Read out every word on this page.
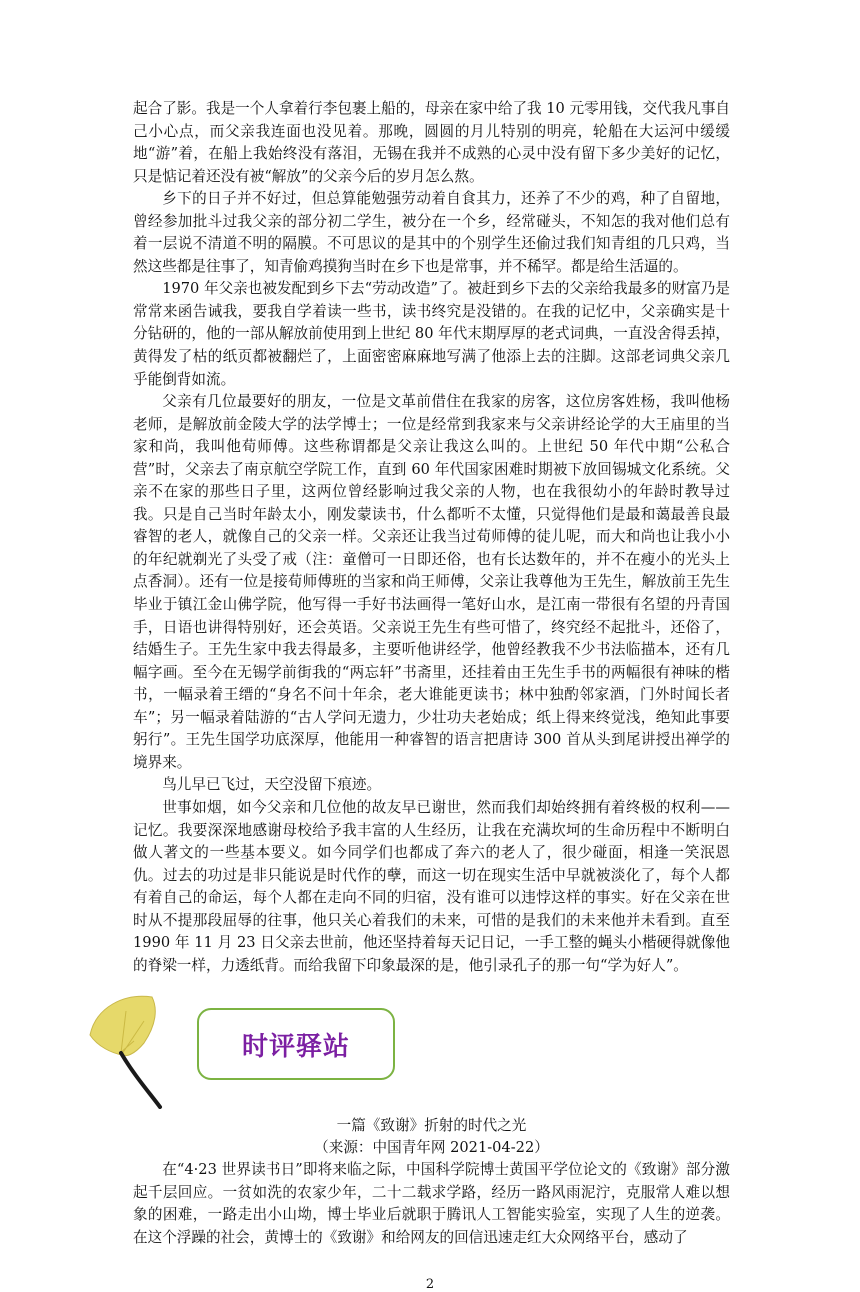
起合了影。我是一个人拿着行李包裹上船的，母亲在家中给了我 10 元零用钱，交代我凡事自己小心点，而父亲我连面也没见着。那晚，圆圆的月儿特别的明亮，轮船在大运河中缓缓地“游”着，在船上我始终没有落泪，无锡在我并不成熟的心灵中没有留下多少美好的记忆，只是惦记着还没有被“解放”的父亲今后的岁月怎么熬。

乡下的日子并不好过，但总算能勉强劳动着自食其力，还养了不少的鸡，种了自留地，曾经参加批斗过我父亲的部分初二学生，被分在一个乡，经常碰头，不知怎的我对他们总有着一层说不清道不明的隔膜。不可思议的是其中的个别学生还偷过我们知青组的几只鸡，当然这些都是往事了，知青偷鸡摸狗当时在乡下也是常事，并不稀罕。都是给生活逼的。

1970 年父亲也被发配到乡下去“劳动改造”了。被赶到乡下去的父亲给我最多的财富乃是常常来函告诫我，要我自学着读一些书，读书终究是没错的。在我的记忆中，父亲确实是十分钻研的，他的一部从解放前使用到上世纪 80 年代末期厚厚的老式词典，一直没舍得丢掉，黄得发了枯的纸页都被翻烂了，上面密密麻麻地写满了他添上去的注脚。这部老词典父亲几乎能倒背如流。

父亲有几位最要好的朋友，一位是文革前借住在我家的房客，这位房客姓杨，我叫他杨老师，是解放前金陵大学的法学博士；一位是经常到我家来与父亲讲经论学的大王庙里的当家和尚，我叫他荀师傅。这些称谓都是父亲让我这么叫的。上世纪 50 年代中期“公私合营”时，父亲去了南京航空学院工作，直到 60 年代国家困难时期被下放回锡城文化系统。父亲不在家的那些日子里，这两位曾经影响过我父亲的人物，也在我很幼小的年龄时教导过我。只是自己当时年龄太小，刚发蒙读书，什么都听不太懂，只觉得他们是最和蔼最善良最睿智的老人，就像自己的父亲一样。父亲还让我当过荀师傅的徒儿呢，而大和尚也让我小小的年纪就剃光了头受了戒（注：童僧可一日即还俗，也有长达数年的，并不在瘦小的光头上点香洞）。还有一位是接荀师傅班的当家和尚王师傅，父亲让我尊他为王先生，解放前王先生毕业于镇江金山佛学院，他写得一手好书法画得一笔好山水，是江南一带很有名望的丹青国手，日语也讲得特别好，还会英语。父亲说王先生有些可惜了，终究经不起批斗，还俗了，结婚生子。王先生家中我去得最多，主要听他讲经学，他曾经教我不少书法临描本，还有几幅字画。至今在无锡学前街我的“两忘轩”书斋里，还挂着由王先生手书的两幅很有神味的楷书，一幅录着王缙的“身名不问十年余，老大谁能更读书；林中独酌邻家酒，门外时闻长者车”；另一幅录着陆游的“古人学问无遗力，少壮功夫老始成；纸上得来终觉浅，绝知此事要躬行”。王先生国学功底深厚，他能用一种睿智的语言把唐诗 300 首从头到尾讲授出禅学的境界来。

鸟儿早已飞过，天空没留下痕迹。

世事如烟，如今父亲和几位他的故友早已谢世，然而我们却始终拥有着终极的权利——记忆。我要深深地感谢母校给予我丰富的人生经历，让我在充满坎坷的生命历程中不断明白做人著文的一些基本要义。如今同学们也都成了奔六的老人了，很少碰面，相逢一笑泯恩仇。过去的功过是非只能说是时代作的孽，而这一切在现实生活中早就被淡化了，每个人都有着自己的命运，每个人都在走向不同的归宿，没有谁可以违悖这样的事实。好在父亲在世时从不提那段屈辱的往事，他只关心着我们的未来，可惜的是我们的未来他并未看到。直至 1990 年 11 月 23 日父亲去世前，他还坚持着每天记日记，一手工整的蝇头小楷硬得就像他的脊梁一样，力透纸背。而给我留下印象最深的是，他引录孔子的那一句“学为好人”。

时评驿站
一篇《致谢》折射的时代之光
（来源：中国青年网 2021-04-22）

在“4·23 世界读书日”即将来临之际，中国科学院博士黄国平学位论文的《致谢》部分激起千层回应。一贫如洗的农家少年，二十二载求学路，经历一路风雨泥泞，克服常人难以想象的困难，一路走出小山坳，博士毕业后就职于腾讯人工智能实验室，实现了人生的逆袭。在这个浮躁的社会，黄博士的《致谢》和给网友的回信迅速走红大众网络平台，感动了

2
